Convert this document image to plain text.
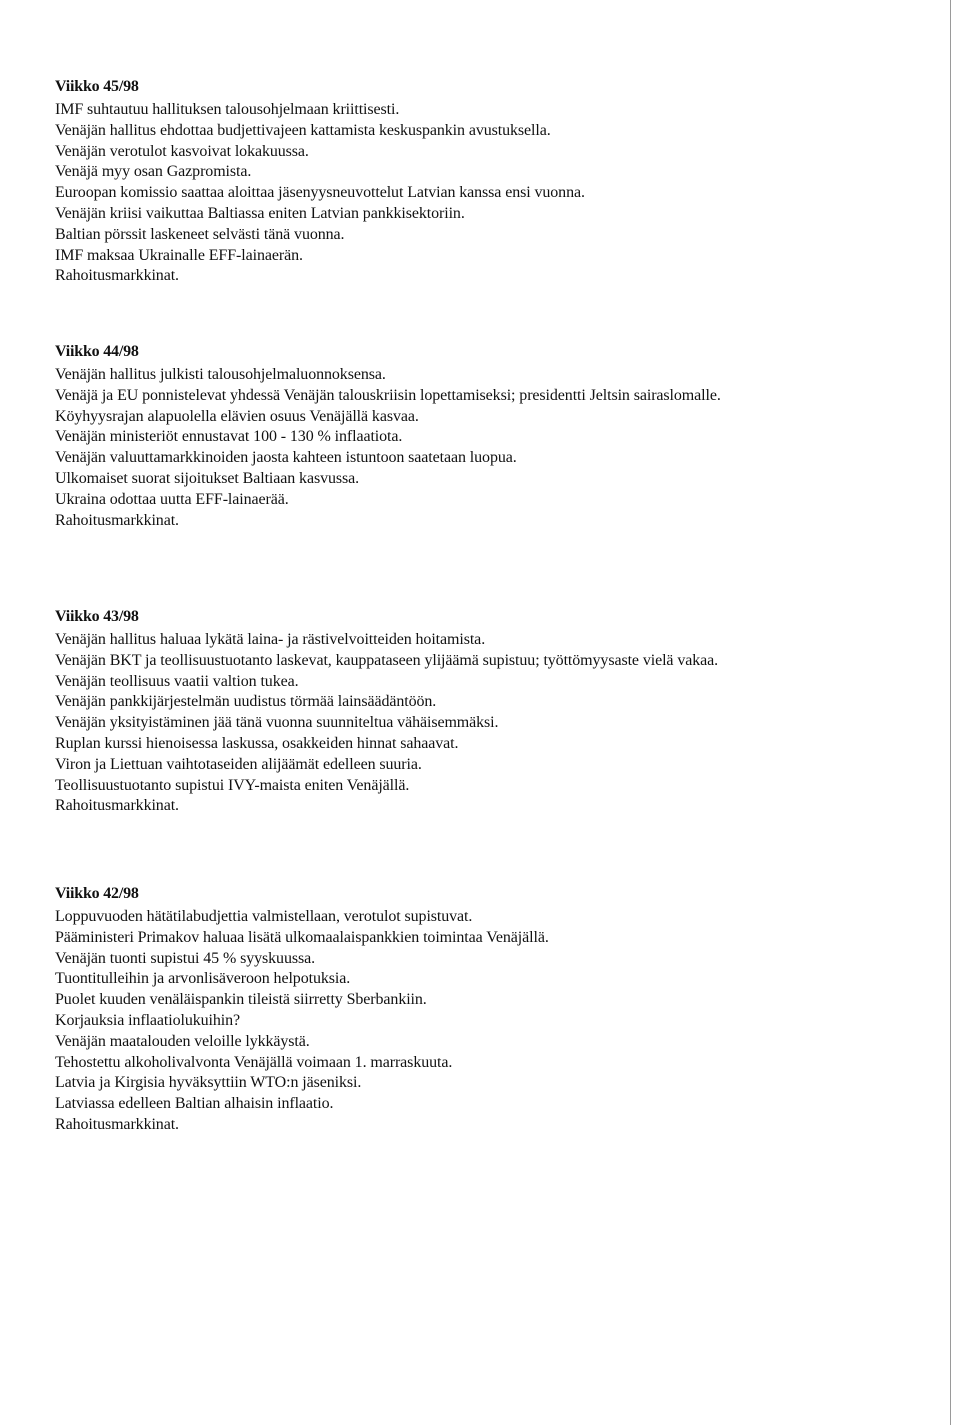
Viikko 45/98

IMF suhtautuu hallituksen talousohjelmaan kriittisesti.

Venäjän hallitus ehdottaa budjettivajeen kattamista keskuspankin avustuksella.

Venäjän verotulot kasvoivat lokakuussa.

Venäjä myy osan Gazpromista.

Euroopan komissio saattaa aloittaa jäsenyysneuvottelut Latvian kanssa ensi vuonna.

Venäjän kriisi vaikuttaa Baltiassa eniten Latvian pankkisektoriin.

Baltian pörssit laskeneet selvästi tänä vuonna.

IMF maksaa Ukrainalle EFF-lainaerän.

Rahoitusmarkkinat.

Viikko 44/98

Venäjän hallitus julkisti talousohjelmaluonnoksensa.

Venäjä ja EU ponnistelevat yhdessä Venäjän talouskriisin lopettamiseksi; presidentti Jeltsin sairaslomalle.

Köyhyysrajan alapuolella elävien osuus Venäjällä kasvaa.

Venäjän ministeriöt ennustavat 100 - 130 % inflaatiota.

Venäjän valuuttamarkkinoiden jaosta kahteen istuntoon saatetaan luopua.

Ulkomaiset suorat sijoitukset Baltiaan kasvussa.

Ukraina odottaa uutta EFF-lainaerää.

Rahoitusmarkkinat.

Viikko 43/98

Venäjän hallitus haluaa lykätä laina- ja rästivelvoitteiden hoitamista.

Venäjän BKT ja teollisuustuotanto laskevat, kauppataseen ylijäämä supistuu; työttömyysaste vielä vakaa.

Venäjän teollisuus vaatii valtion tukea.

Venäjän pankkijärjestelmän uudistus törmää lainsäädäntöön.

Venäjän yksityistäminen jää tänä vuonna suunniteltua vähäisemmäksi.

Ruplan kurssi hienoisessa laskussa, osakkeiden hinnat sahaavat.

Viron ja Liettuan vaihtotaseiden alijäämät edelleen suuria.

Teollisuustuotanto supistui IVY-maista eniten Venäjällä.

Rahoitusmarkkinat.

Viikko 42/98

Loppuvuoden hätätilabudjettia valmistellaan, verotulot supistuvat.

Pääministeri Primakov haluaa lisätä ulkomaalaispankkien toimintaa Venäjällä.

Venäjän tuonti supistui 45 % syyskuussa.

Tuontitulleihin ja arvonlisäveroon helpotuksia.

Puolet kuuden venäläispankin tileistä siirretty Sberbankiin.

Korjauksia inflaatiolukuihin?

Venäjän maatalouden veloille lykkäystä.

Tehostettu alkoholivalvonta Venäjällä voimaan 1. marraskuuta.

Latvia ja Kirgisia hyväksyttiin WTO:n jäseniksi.

Latviassa edelleen Baltian alhaisin inflaatio.

Rahoitusmarkkinat.
